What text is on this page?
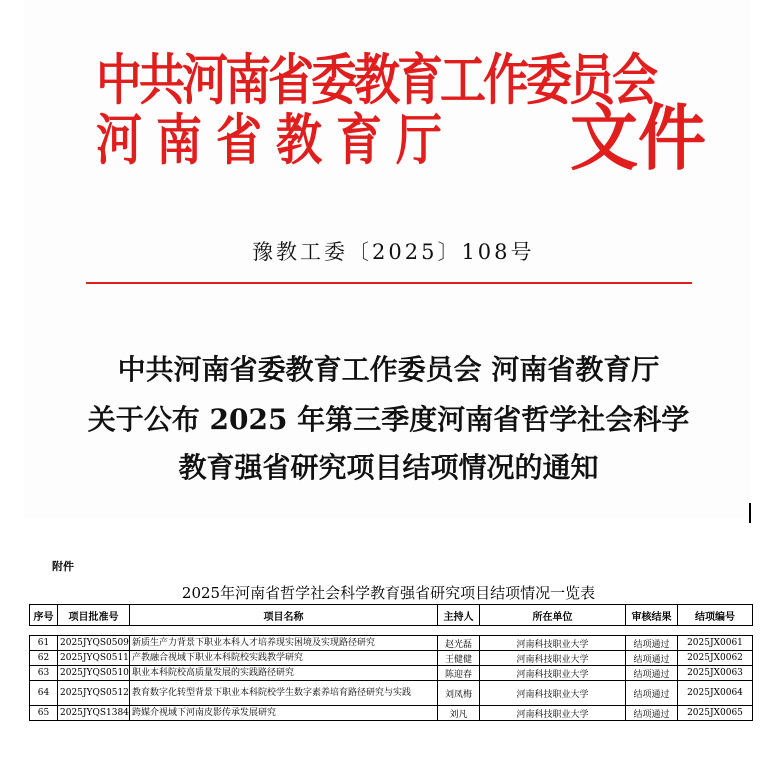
中共河南省委教育工作委员会
河南省教育厅 文件
豫教工委〔2025〕108号
中共河南省委教育工作委员会 河南省教育厅
关于公布 2025 年第三季度河南省哲学社会科学
教育强省研究项目结项情况的通知
附件
2025年河南省哲学社会科学教育强省研究项目结项情况一览表
序号	项目批准号	项目名称	主持人	所在单位	审核结果	结项编号

61	2025JYQS0509	新质生产力背景下职业本科人才培养现实困境及实现路径研究	赵光磊	河南科技职业大学	结项通过	2025JX0061
62	2025JYQS0511	产教融合视域下职业本科院校实践教学研究	王健健	河南科技职业大学	结项通过	2025JX0062
63	2025JYQS0510	职业本科院校高质量发展的实践路径研究	陈迎春	河南科技职业大学	结项通过	2025JX0063
64	2025JYQS0512	教育数字化转型背景下职业本科院校学生数字素养培育路径研究与实践	刘凤梅	河南科技职业大学	结项通过	2025JX0064
65	2025JYQS1384	跨媒介视域下河南皮影传承发展研究	刘凡	河南科技职业大学	结项通过	2025JX0065
